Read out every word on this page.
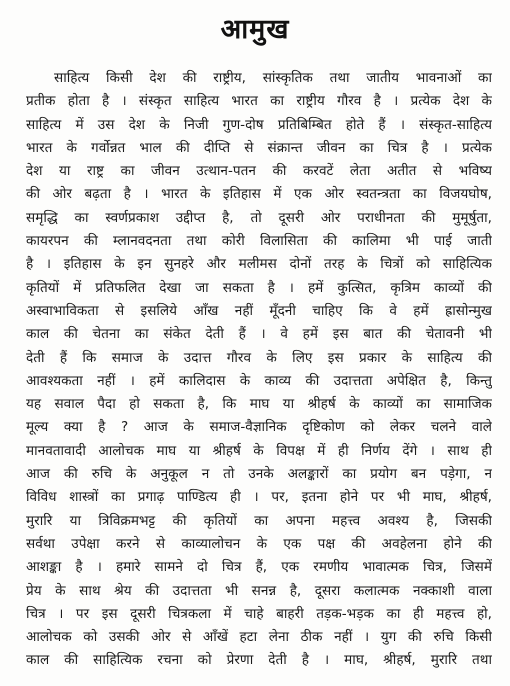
आमुख
साहित्य किसी देश की राष्ट्रीय, सांस्कृतिक तथा जातीय भावनाओं का
प्रतीक होता है । संस्कृत साहित्य भारत का राष्ट्रीय गौरव है । प्रत्येक देश के
साहित्य में उस देश के निजी गुण-दोष प्रतिबिम्बित होते हैं । संस्कृत-साहित्य
भारत के गर्वोन्नत भाल की दीप्ति से संक्रान्त जीवन का चित्र है । प्रत्येक
देश या राष्ट्र का जीवन उत्थान-पतन की करवटें लेता अतीत से भविष्य
की ओर बढ़ता है । भारत के इतिहास में एक ओर स्वतन्त्रता का विजयघोष,
समृद्धि का स्वर्णप्रकाश उद्दीप्त है, तो दूसरी ओर पराधीनता की मुमूर्षुता,
कायरपन की म्लानवदनता तथा कोरी विलासिता की कालिमा भी पाई जाती
है । इतिहास के इन सुनहरे और मलीमस दोनों तरह के चित्रों को साहित्यिक
कृतियों में प्रतिफलित देखा जा सकता है । हमें कुत्सित, कृत्रिम काव्यों की
अस्वाभाविकता से इसलिये आँख नहीं मूँदनी चाहिए कि वे हमें ह्रासोन्मुख
काल की चेतना का संकेत देती हैं । वे हमें इस बात की चेतावनी भी
देती हैं कि समाज के उदात्त गौरव के लिए इस प्रकार के साहित्य की
आवश्यकता नहीं । हमें कालिदास के काव्य की उदात्तता अपेक्षित है, किन्तु
यह सवाल पैदा हो सकता है, कि माघ या श्रीहर्ष के काव्यों का सामाजिक
मूल्य क्या है ? आज के समाज-वैज्ञानिक दृष्टिकोण को लेकर चलने वाले
मानवतावादी आलोचक माघ या श्रीहर्ष के विपक्ष में ही निर्णय देंगे । साथ ही
आज की रुचि के अनुकूल न तो उनके अलङ्कारों का प्रयोग बन पड़ेगा, न
विविध शास्त्रों का प्रगाढ़ पाण्डित्य ही । पर, इतना होने पर भी माघ, श्रीहर्ष,
मुरारि या त्रिविक्रमभट्ट की कृतियों का अपना महत्त्व अवश्य है, जिसकी
सर्वथा उपेक्षा करने से काव्यालोचन के एक पक्ष की अवहेलना होने की
आशङ्का है । हमारे सामने दो चित्र हैं, एक रमणीय भावात्मक चित्र, जिसमें
प्रेय के साथ श्रेय की उदात्तता भी सनन्न है, दूसरा कलात्मक नक्काशी वाला
चित्र । पर इस दूसरी चित्रकला में चाहे बाहरी तड़क-भड़क का ही महत्त्व हो,
आलोचक को उसकी ओर से आँखें हटा लेना ठीक नहीं । युग की रुचि किसी
काल की साहित्यिक रचना को प्रेरणा देती है । माघ, श्रीहर्ष, मुरारि तथा
